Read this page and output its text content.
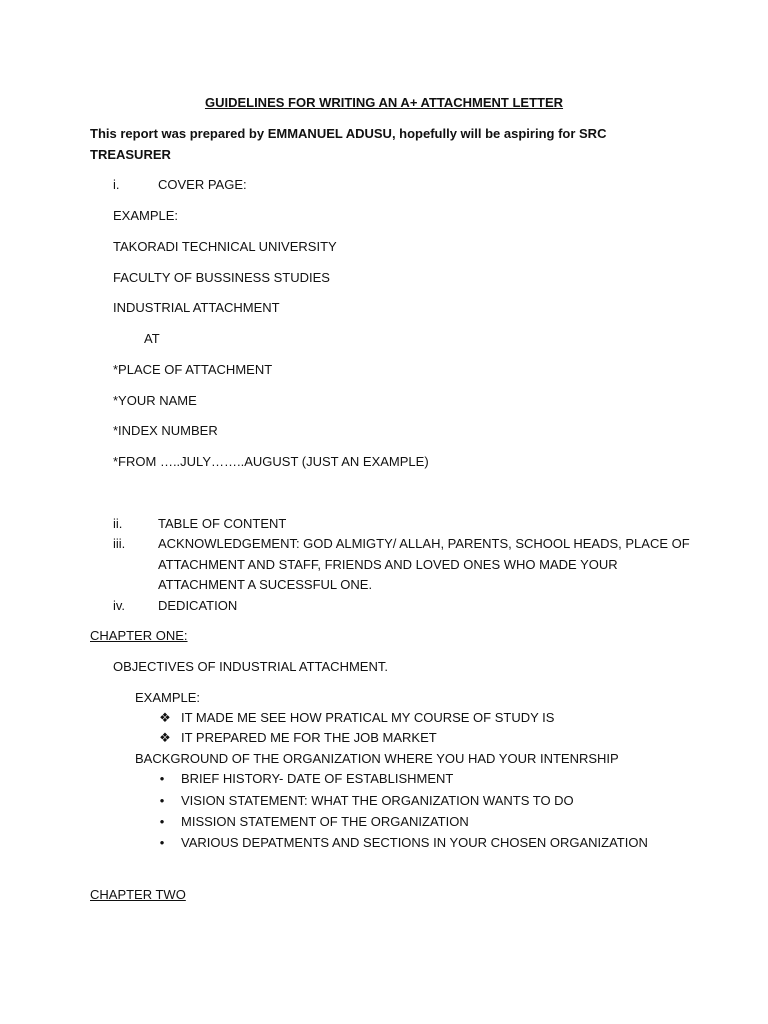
GUIDELINES FOR WRITING AN A+ ATTACHMENT LETTER
This report was prepared by EMMANUEL ADUSU, hopefully will be aspiring for SRC
TREASURER
i.	COVER PAGE:
EXAMPLE:
TAKORADI TECHNICAL UNIVERSITY
FACULTY OF BUSSINESS STUDIES
INDUSTRIAL ATTACHMENT
AT
*PLACE OF ATTACHMENT
*YOUR NAME
*INDEX NUMBER
*FROM …..JULY……..AUGUST (JUST AN EXAMPLE)
ii.	TABLE OF CONTENT
iii.	ACKNOWLEDGEMENT: GOD ALMIGTY/ ALLAH, PARENTS, SCHOOL HEADS, PLACE OF
ATTACHMENT AND STAFF, FRIENDS AND LOVED ONES WHO MADE YOUR
ATTACHMENT A SUCESSFUL ONE.
iv.	DEDICATION
CHAPTER ONE:
OBJECTIVES OF INDUSTRIAL ATTACHMENT.
EXAMPLE:
❖ IT MADE ME SEE HOW PRATICAL MY COURSE OF STUDY IS
❖ IT PREPARED ME FOR THE JOB MARKET
BACKGROUND OF THE ORGANIZATION WHERE YOU HAD YOUR INTENRSHIP
•	BRIEF HISTORY- DATE OF ESTABLISHMENT
•	VISION STATEMENT: WHAT THE ORGANIZATION WANTS TO DO
•	MISSION STATEMENT OF THE ORGANIZATION
•	VARIOUS DEPATMENTS AND SECTIONS IN YOUR CHOSEN ORGANIZATION
CHAPTER TWO
